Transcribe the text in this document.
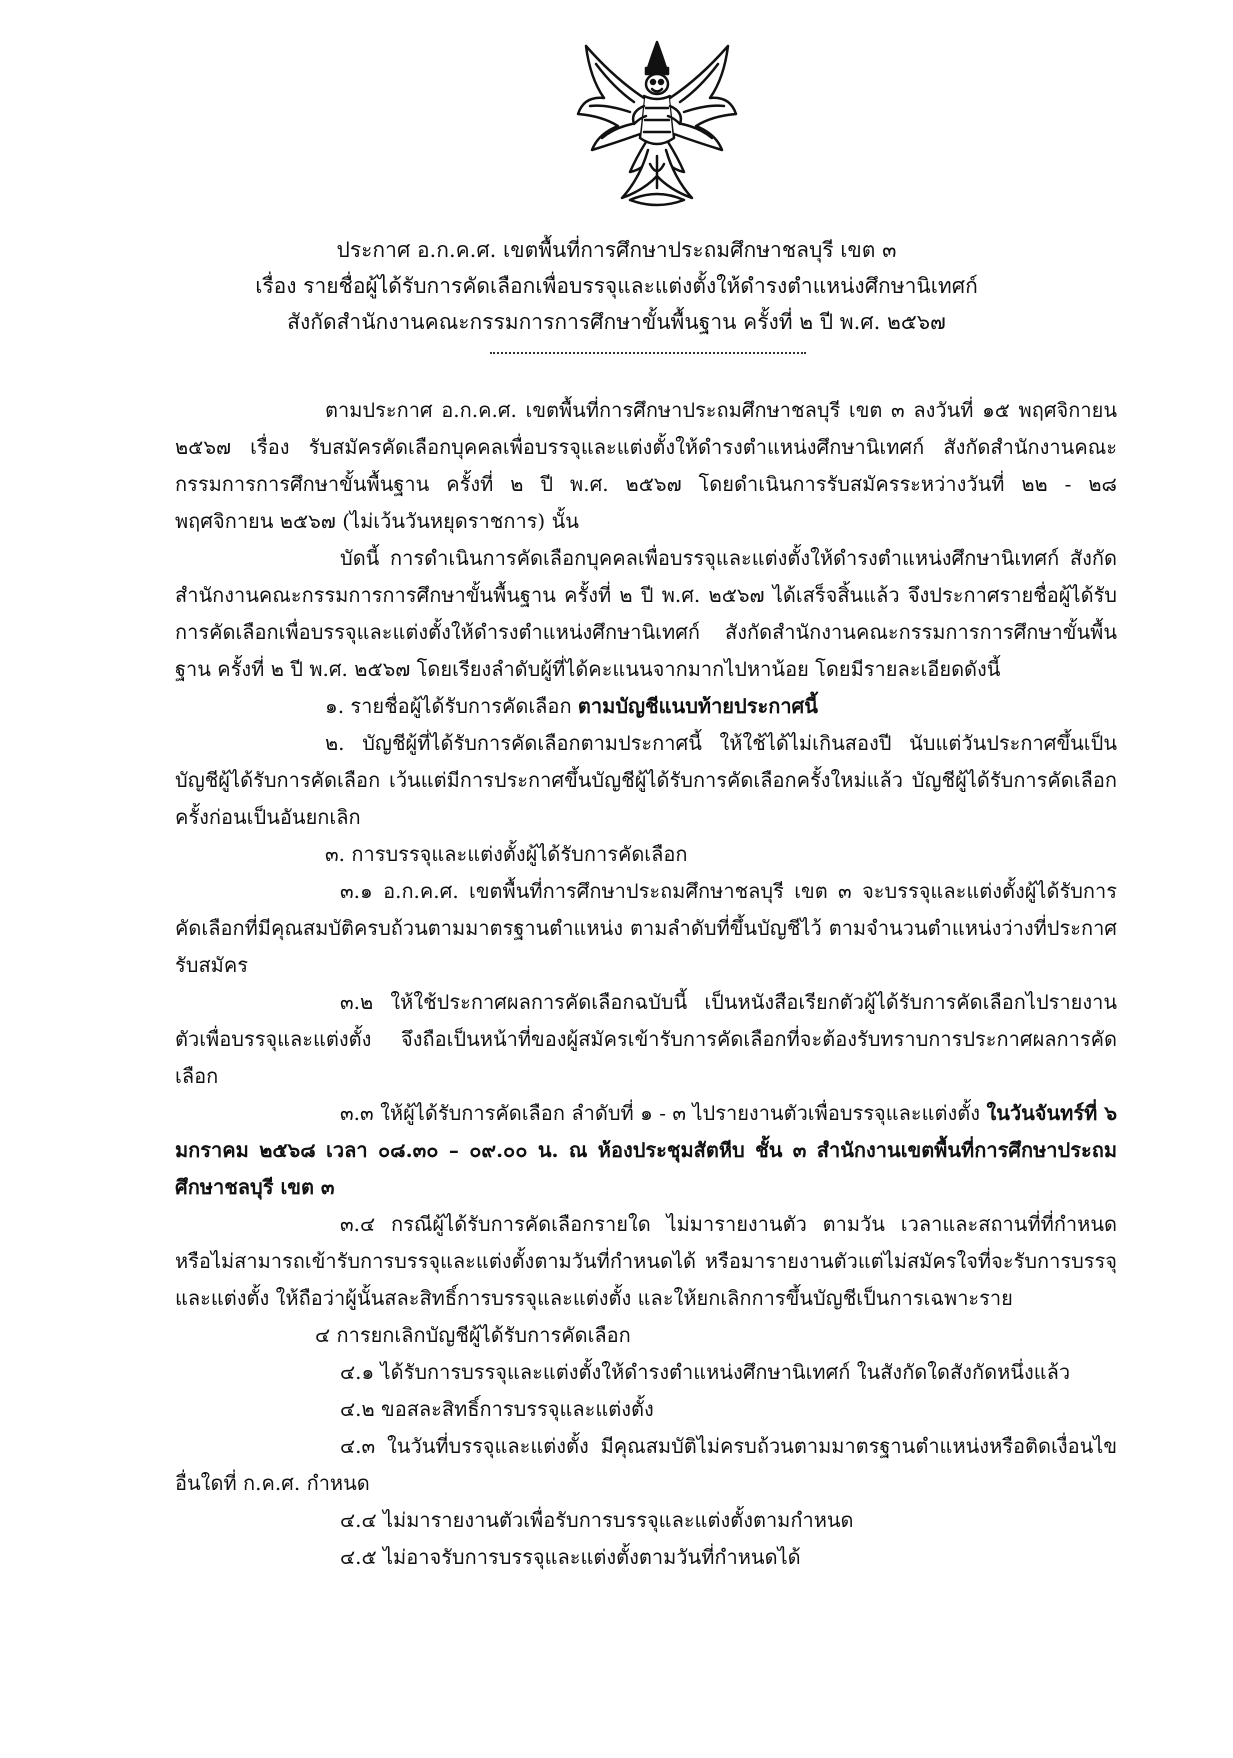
ประกาศ อ.ก.ค.ศ. เขตพื้นที่การศึกษาประถมศึกษาชลบุรี เขต ๓
เรื่อง รายชื่อผู้ได้รับการคัดเลือกเพื่อบรรจุและแต่งตั้งให้ดำรงตำแหน่งศึกษานิเทศก์
สังกัดสำนักงานคณะกรรมการการศึกษาขั้นพื้นฐาน ครั้งที่ ๒ ปี พ.ศ. ๒๕๖๗

ตามประกาศ อ.ก.ค.ศ. เขตพื้นที่การศึกษาประถมศึกษาชลบุรี เขต ๓ ลงวันที่ ๑๕ พฤศจิกายน ๒๕๖๗ เรื่อง รับสมัครคัดเลือกบุคคลเพื่อบรรจุและแต่งตั้งให้ดำรงตำแหน่งศึกษานิเทศก์ สังกัดสำนักงานคณะกรรมการการศึกษาขั้นพื้นฐาน ครั้งที่ ๒ ปี พ.ศ. ๒๕๖๗ โดยดำเนินการรับสมัครระหว่างวันที่ ๒๒ - ๒๘ พฤศจิกายน ๒๕๖๗ (ไม่เว้นวันหยุดราชการ) นั้น

บัดนี้ การดำเนินการคัดเลือกบุคคลเพื่อบรรจุและแต่งตั้งให้ดำรงตำแหน่งศึกษานิเทศก์ สังกัดสำนักงานคณะกรรมการการศึกษาขั้นพื้นฐาน ครั้งที่ ๒ ปี พ.ศ. ๒๕๖๗ ได้เสร็จสิ้นแล้ว จึงประกาศรายชื่อผู้ได้รับการคัดเลือกเพื่อบรรจุและแต่งตั้งให้ดำรงตำแหน่งศึกษานิเทศก์ สังกัดสำนักงานคณะกรรมการการศึกษาขั้นพื้นฐาน ครั้งที่ ๒ ปี พ.ศ. ๒๕๖๗ โดยเรียงลำดับผู้ที่ได้คะแนนจากมากไปหาน้อย โดยมีรายละเอียดดังนี้

๑. รายชื่อผู้ได้รับการคัดเลือก ตามบัญชีแนบท้ายประกาศนี้

๒. บัญชีผู้ที่ได้รับการคัดเลือกตามประกาศนี้ ให้ใช้ได้ไม่เกินสองปี นับแต่วันประกาศขึ้นเป็นบัญชีผู้ได้รับการคัดเลือก เว้นแต่มีการประกาศขึ้นบัญชีผู้ได้รับการคัดเลือกครั้งใหม่แล้ว บัญชีผู้ได้รับการคัดเลือกครั้งก่อนเป็นอันยกเลิก

๓. การบรรจุและแต่งตั้งผู้ได้รับการคัดเลือก

๓.๑ อ.ก.ค.ศ. เขตพื้นที่การศึกษาประถมศึกษาชลบุรี เขต ๓ จะบรรจุและแต่งตั้งผู้ได้รับการคัดเลือกที่มีคุณสมบัติครบถ้วนตามมาตรฐานตำแหน่ง ตามลำดับที่ขึ้นบัญชีไว้ ตามจำนวนตำแหน่งว่างที่ประกาศรับสมัคร

๓.๒ ให้ใช้ประกาศผลการคัดเลือกฉบับนี้ เป็นหนังสือเรียกตัวผู้ได้รับการคัดเลือกไปรายงานตัวเพื่อบรรจุและแต่งตั้ง จึงถือเป็นหน้าที่ของผู้สมัครเข้ารับการคัดเลือกที่จะต้องรับทราบการประกาศผลการคัดเลือก

๓.๓ ให้ผู้ได้รับการคัดเลือก ลำดับที่ ๑ - ๓ ไปรายงานตัวเพื่อบรรจุและแต่งตั้ง ในวันจันทร์ที่ ๖ มกราคม ๒๕๖๘ เวลา ๐๘.๓๐ – ๐๙.๐๐ น. ณ ห้องประชุมสัตหีบ ชั้น ๓ สำนักงานเขตพื้นที่การศึกษาประถมศึกษาชลบุรี เขต ๓

๓.๔ กรณีผู้ได้รับการคัดเลือกรายใด ไม่มารายงานตัว ตามวัน เวลาและสถานที่ที่กำหนด หรือไม่สามารถเข้ารับการบรรจุและแต่งตั้งตามวันที่กำหนดได้ หรือมารายงานตัวแต่ไม่สมัครใจที่จะรับการบรรจุและแต่งตั้ง ให้ถือว่าผู้นั้นสละสิทธิ์การบรรจุและแต่งตั้ง และให้ยกเลิกการขึ้นบัญชีเป็นการเฉพาะราย

๔ การยกเลิกบัญชีผู้ได้รับการคัดเลือก

๔.๑ ได้รับการบรรจุและแต่งตั้งให้ดำรงตำแหน่งศึกษานิเทศก์ ในสังกัดใดสังกัดหนึ่งแล้ว

๔.๒ ขอสละสิทธิ์การบรรจุและแต่งตั้ง

๔.๓ ในวันที่บรรจุและแต่งตั้ง มีคุณสมบัติไม่ครบถ้วนตามมาตรฐานตำแหน่งหรือติดเงื่อนไขอื่นใดที่ ก.ค.ศ. กำหนด

๔.๔ ไม่มารายงานตัวเพื่อรับการบรรจุและแต่งตั้งตามกำหนด

๔.๕ ไม่อาจรับการบรรจุและแต่งตั้งตามวันที่กำหนดได้
